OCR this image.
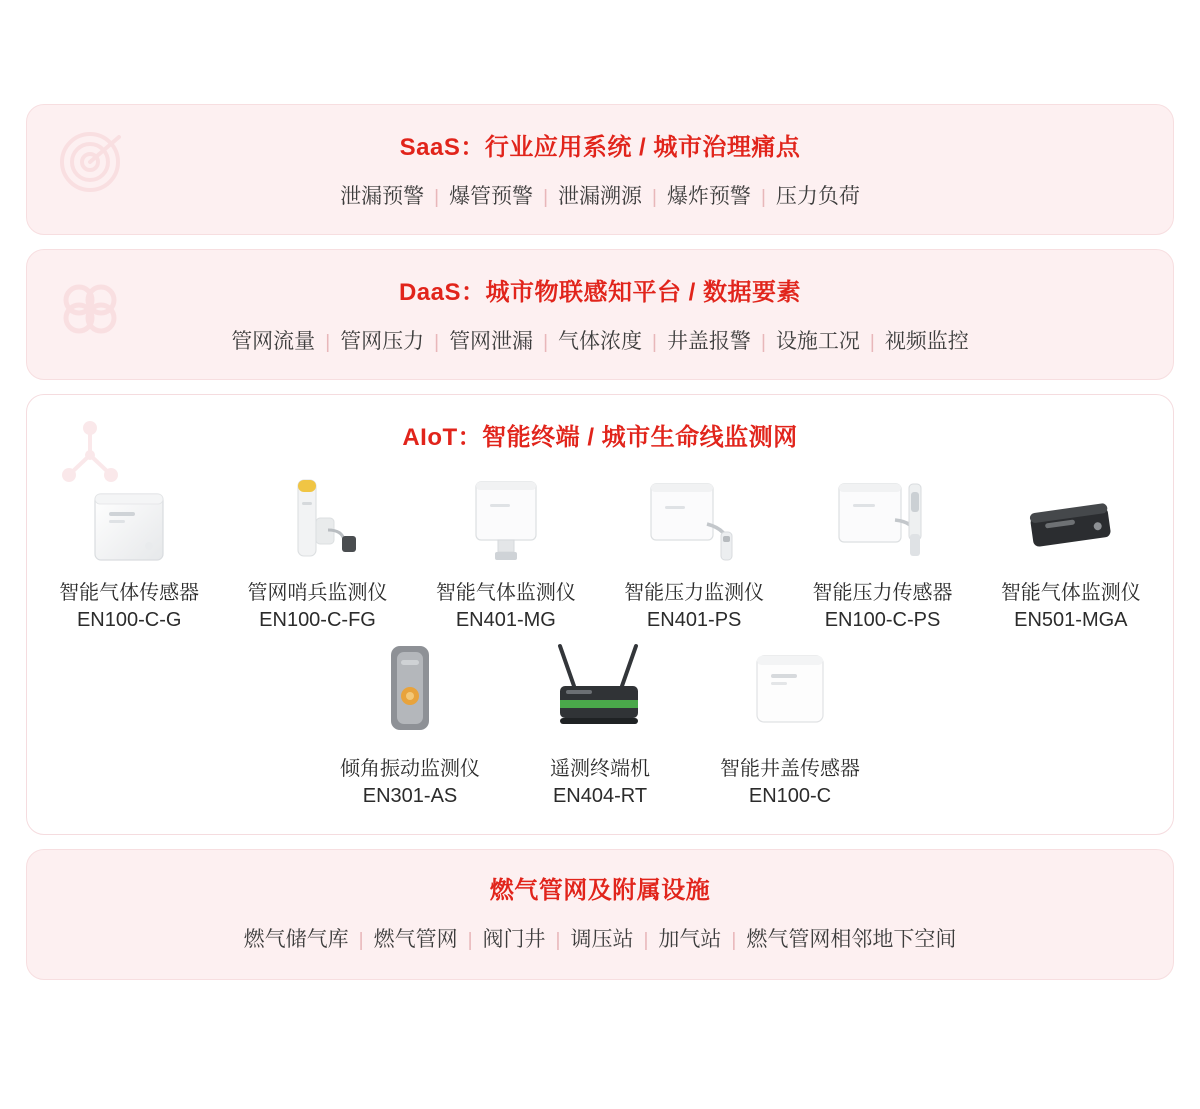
SaaS：行业应用系统 / 城市治理痛点
泄漏预警 | 爆管预警 | 泄漏溯源 | 爆炸预警 | 压力负荷
DaaS：城市物联感知平台 / 数据要素
管网流量 | 管网压力 | 管网泄漏 | 气体浓度 | 井盖报警 | 设施工况 | 视频监控
AIoT：智能终端 / 城市生命线监测网
智能气体传感器
EN100-C-G
管网哨兵监测仪
EN100-C-FG
智能气体监测仪
EN401-MG
智能压力监测仪
EN401-PS
智能压力传感器
EN100-C-PS
智能气体监测仪
EN501-MGA
倾角振动监测仪
EN301-AS
遥测终端机
EN404-RT
智能井盖传感器
EN100-C
燃气管网及附属设施
燃气储气库 | 燃气管网 | 阀门井 | 调压站 | 加气站 | 燃气管网相邻地下空间
